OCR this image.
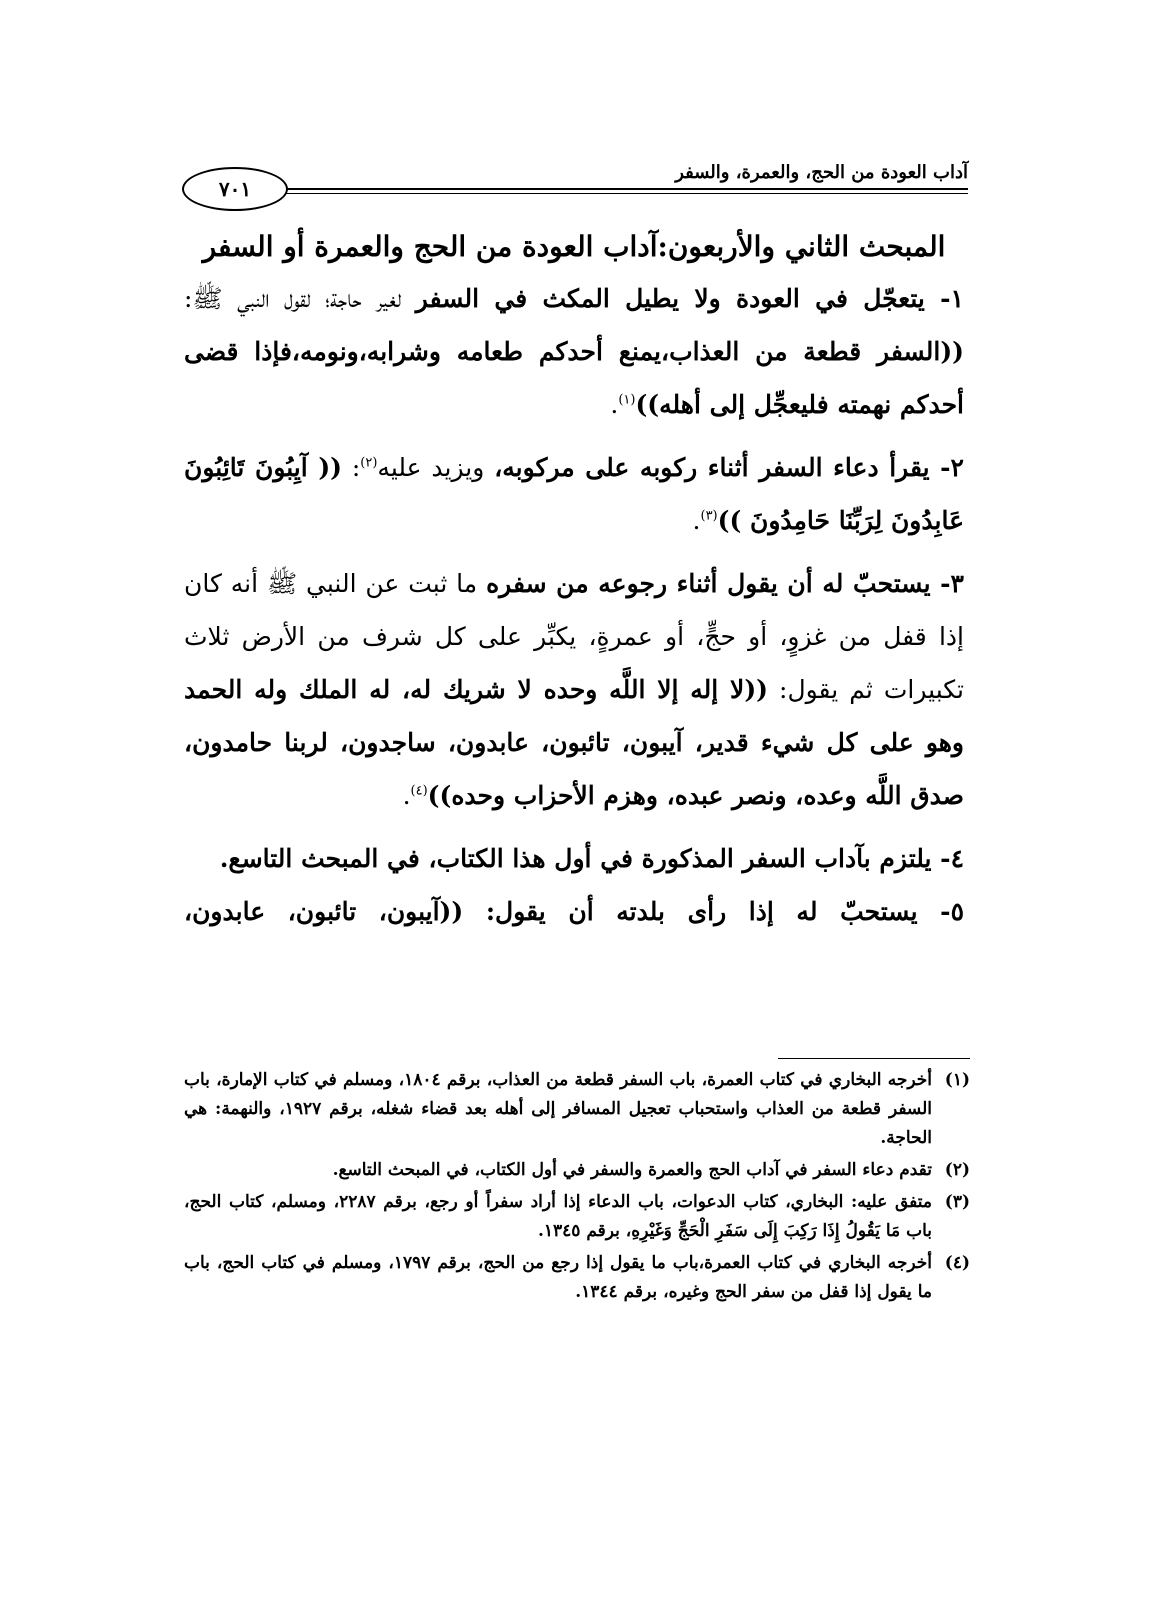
آداب العودة من الحج، والعمرة، والسفر
٧٠١
المبحث الثاني والأربعون:آداب العودة من الحج والعمرة أو السفر

١- يتعجّل في العودة ولا يطيل المكث في السفر لغير حاجة؛ لقول النبي ﷺ: ((السفر قطعة من العذاب،يمنع أحدكم طعامه وشرابه،ونومه،فإذا قضى أحدكم نهمته فليعجِّل إلى أهله))$^{(١)}$.

٢- يقرأ دعاء السفر أثناء ركوبه على مركوبه، ويزيد عليه$^{(٢)}$: (( آيِبُونَ تَائِبُونَ عَابِدُونَ لِرَبِّنَا حَامِدُونَ ))$^{(٣)}$.

٣- يستحبّ له أن يقول أثناء رجوعه من سفره ما ثبت عن النبي ﷺ أنه كان إذا قفل من غزوٍ، أو حجٍّ، أو عمرةٍ، يكبِّر على كل شرف من الأرض ثلاث تكبيرات ثم يقول: ((لا إله إلا اللَّه وحده لا شريك له، له الملك وله الحمد وهو على كل شيء قدير، آيبون، تائبون، عابدون، ساجدون، لربنا حامدون، صدق اللَّه وعده، ونصر عبده، وهزم الأحزاب وحده))$^{(٤)}$.

٤- يلتزم بآداب السفر المذكورة في أول هذا الكتاب، في المبحث التاسع.

٥- يستحبّ له إذا رأى بلدته أن يقول: ((آيبون، تائبون، عابدون،

(١)أخرجه البخاري في كتاب العمرة، باب السفر قطعة من العذاب، برقم ١٨٠٤، ومسلم في كتاب الإمارة، باب السفر قطعة من العذاب واستحباب تعجيل المسافر إلى أهله بعد قضاء شغله، برقم ١٩٢٧، والنهمة: هي الحاجة.

(٢)تقدم دعاء السفر في آداب الحج والعمرة والسفر في أول الكتاب، في المبحث التاسع.

(٣)متفق عليه: البخاري، كتاب الدعوات، باب الدعاء إذا أراد سفراً أو رجع، برقم ٢٢٨٧، ومسلم، كتاب الحج، باب مَا يَقُولُ إِذَا رَكِبَ إِلَى سَفَرِ الْحَجِّ وَغَيْرِهِ، برقم ١٣٤٥.

(٤)أخرجه البخاري في كتاب العمرة،باب ما يقول إذا رجع من الحج، برقم ١٧٩٧، ومسلم في كتاب الحج، باب ما يقول إذا قفل من سفر الحج وغيره، برقم ١٣٤٤.
